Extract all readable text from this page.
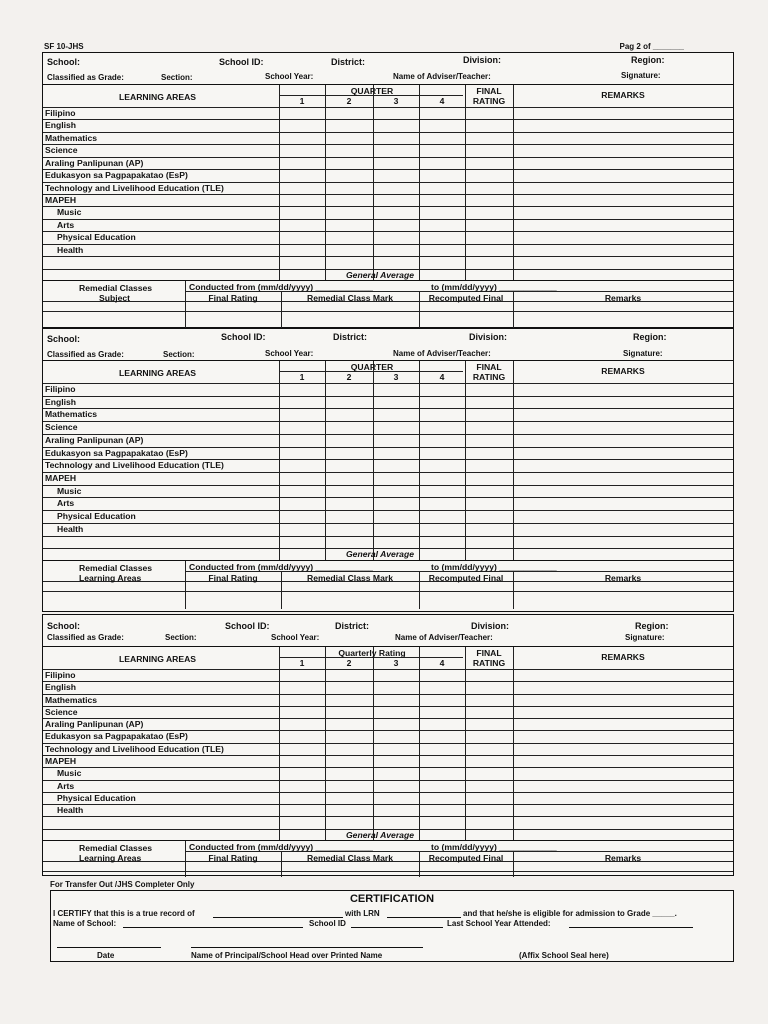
SF 10-JHS	Pag 2 of _______
School:	School ID:	District:	Division:	Region:
Classified as Grade:	Section:	School Year:	Name of Adviser/Teacher:	Signature:
LEARNING AREAS
QUARTER
1	2	3	4
FINAL
RATING
REMARKS
Filipino
English
Mathematics
Science
Araling Panlipunan (AP)
Edukasyon sa Pagpapakatao (EsP)
Technology and Livelihood Education (TLE)
MAPEH
Music
Arts
Physical Education
Health
General Average
Remedial Classes	Conducted from (mm/dd/yyyy) ____________	to (mm/dd/yyyy) ____________
Subject	Final Rating	Remedial Class Mark	Recomputed Final	Remarks
School:	School ID:	District:	Division:	Region:
Classified as Grade:	Section:	School Year:	Name of Adviser/Teacher:	Signature:
LEARNING AREAS
QUARTER
1	2	3	4
FINAL
RATING
REMARKS
Filipino
English
Mathematics
Science
Araling Panlipunan (AP)
Edukasyon sa Pagpapakatao (EsP)
Technology and Livelihood Education (TLE)
MAPEH
Music
Arts
Physical Education
Health
General Average
Remedial Classes	Conducted from (mm/dd/yyyy) ____________	to (mm/dd/yyyy) ____________
Learning Areas	Final Rating	Remedial Class Mark	Recomputed Final	Remarks
School:	School ID:	District:	Division:	Region:
Classified as Grade:	Section:	School Year:	Name of Adviser/Teacher:	Signature:
LEARNING AREAS
Quarterly Rating
1	2	3	4
FINAL
RATING
REMARKS
Filipino
English
Mathematics
Science
Araling Panlipunan (AP)
Edukasyon sa Pagpapakatao (EsP)
Technology and Livelihood Education (TLE)
MAPEH
Music
Arts
Physical Education
Health
General Average
Remedial Classes	Conducted from (mm/dd/yyyy) ____________	to (mm/dd/yyyy) ____________
Learning Areas	Final Rating	Remedial Class Mark	Recomputed Final	Remarks
For Transfer Out /JHS Completer Only
CERTIFICATION
I CERTIFY that this is a true record of	with LRN	and that he/she is eligible for admission to Grade _____.
Name of School:	School ID	Last School Year Attended:
Date	Name of Principal/School Head over Printed Name	(Affix School Seal here)
